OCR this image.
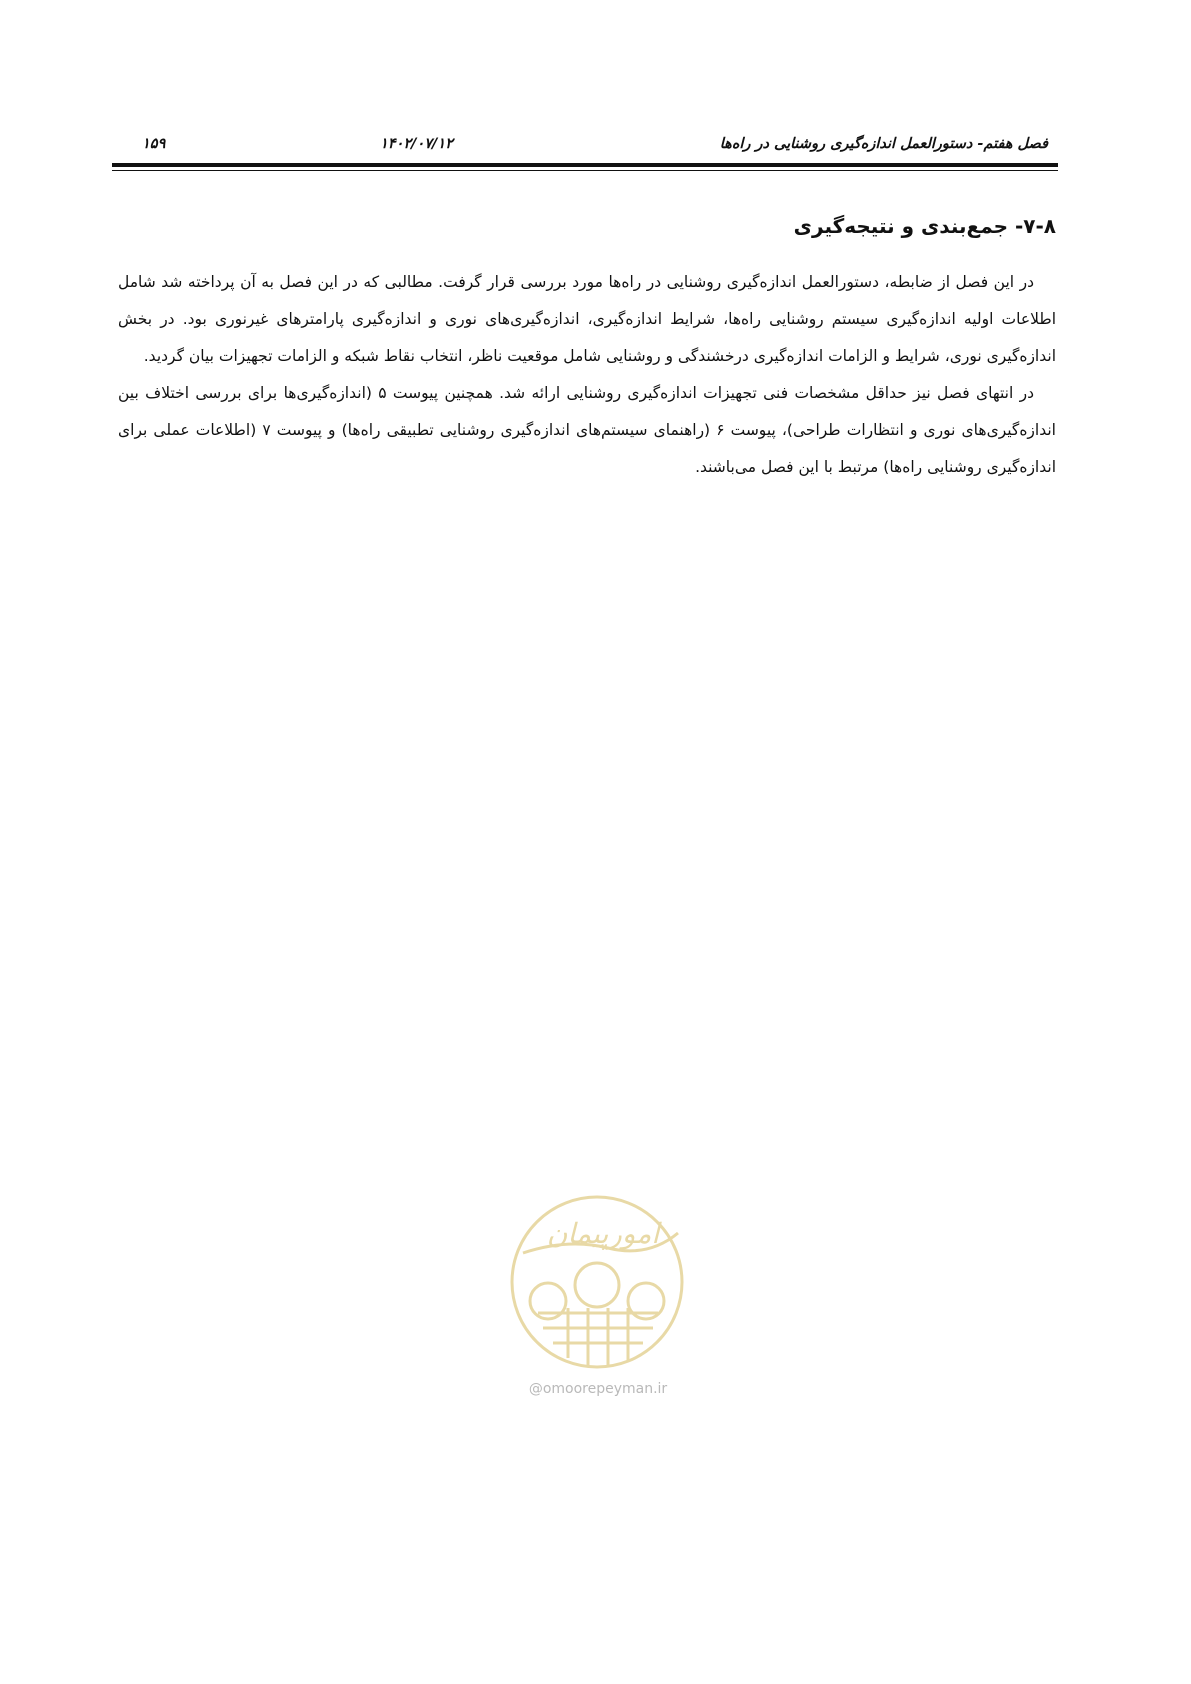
فصل هفتم- دستورالعمل اندازه‌گیری روشنایی در راه‌ها
۱۴۰۲/۰۷/۱۲
۱۵۹
۷-۸- جمع‌بندی و نتیجه‌گیری

در این فصل از ضابطه، دستورالعمل اندازه‌گیری روشنایی در راه‌ها مورد بررسی قرار گرفت. مطالبی که در این فصل به آن پرداخته شد شامل اطلاعات اولیه اندازه‌گیری سیستم روشنایی راه‌ها، شرایط اندازه‌گیری، اندازه‌گیری‌های نوری و اندازه‌گیری پارامترهای غیرنوری بود. در بخش اندازه‌گیری نوری، شرایط و الزامات اندازه‌گیری درخشندگی و روشنایی شامل موقعیت ناظر، انتخاب نقاط شبکه و الزامات تجهیزات بیان گردید.

در انتهای فصل نیز حداقل مشخصات فنی تجهیزات اندازه‌گیری روشنایی ارائه شد. همچنین پیوست ۵ (اندازه‌گیری‌ها برای بررسی اختلاف بین اندازه‌گیری‌های نوری و انتظارات طراحی)، پیوست ۶ (راهنمای سیستم‌های اندازه‌گیری روشنایی تطبیقی راه‌ها) و پیوست ۷ (اطلاعات عملی برای اندازه‌گیری روشنایی راه‌ها) مرتبط با این فصل می‌باشند.

امورپیمان
@omoorepeyman.ir
